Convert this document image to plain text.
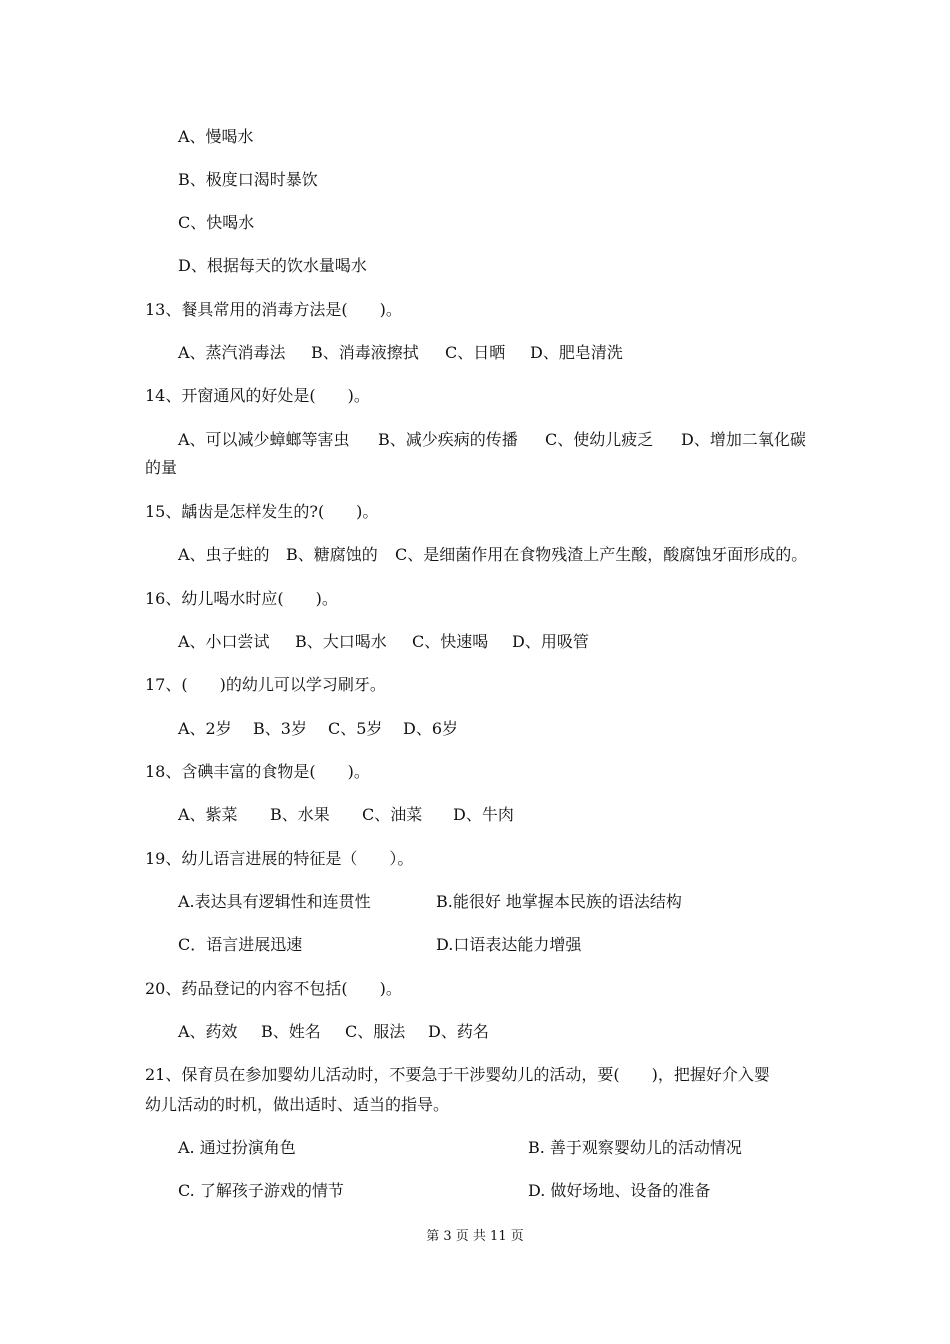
A、慢喝水
B、极度口渴时暴饮
C、快喝水
D、根据每天的饮水量喝水
13、餐具常用的消毒方法是(　　)。
A、蒸汽消毒法 B、消毒液擦拭 C、日晒 D、肥皂清洗
14、开窗通风的好处是(　　)。
A、可以减少蟑螂等害虫 B、减少疾病的传播 C、使幼儿疲乏 D、增加二氧化碳
的量
15、龋齿是怎样发生的?(　　)。
A、虫子蛀的 B、糖腐蚀的 C、是细菌作用在食物残渣上产生酸，酸腐蚀牙面形成的。
16、幼儿喝水时应(　　)。
A、小口尝试 B、大口喝水 C、快速喝 D、用吸管
17、(　　)的幼儿可以学习刷牙。
A、2岁 B、3岁 C、5岁 D、6岁
18、含碘丰富的食物是(　　)。
A、紫菜 B、水果 C、油菜 D、牛肉
19、幼儿语言进展的特征是（　　）。
A.表达具有逻辑性和连贯性	B.能很好 地掌握本民族的语法结构
C．语言进展迅速	D.口语表达能力增强
20、药品登记的内容不包括(　　)。
A、药效 B、姓名 C、服法 D、药名
21、保育员在参加婴幼儿活动时，不要急于干涉婴幼儿的活动，要(　　)，把握好介入婴
幼儿活动的时机，做出适时、适当的指导。
A. 通过扮演角色	B. 善于观察婴幼儿的活动情况
C. 了解孩子游戏的情节	D. 做好场地、设备的准备
第 3 页 共 11 页
